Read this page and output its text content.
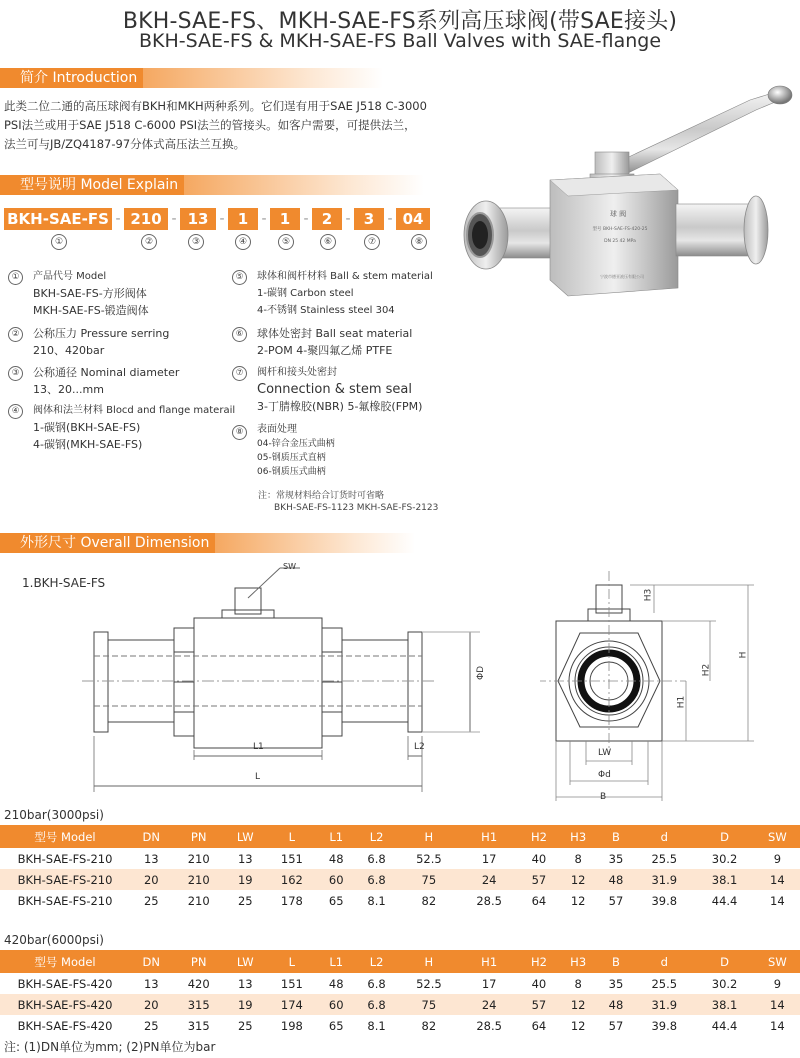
BKH-SAE-FS、MKH-SAE-FS系列高压球阀(带SAE接头)
BKH-SAE-FS & MKH-SAE-FS Ball Valves with SAE-flange
简介 Introduction

此类二位二通的高压球阀有BKH和MKH两种系列。它们逞有用于SAE J518 C-3000

PSI法兰或用于SAE J518 C-6000 PSI法兰的管接头。如客户需要，可提供法兰，

法兰可与JB/ZQ4187-97分体式高压法兰互换。

型号说明 Model Explain
BKH-SAE-FS - 210 - 13 - 1 - 1 - 2 - 3 - 04
①	②	③	④	⑤	⑥	⑦	⑧
①	产品代号 Model
BKH-SAE-FS-方形阀体
MKH-SAE-FS-锻造阀体
②	公称压力 Pressure serring
210、420bar
③	公称通径 Nominal diameter
13、20...mm
④	阀体和法兰材料 Blocd and flange materail
1-碳钢(BKH-SAE-FS)
4-碳钢(MKH-SAE-FS)
⑤	球体和阀杆材料 Ball & stem material
1-碳钢 Carbon steel
4-不锈钢 Stainless steel 304
⑥	球体处密封 Ball seat material
2-POM 4-聚四氟乙烯 PTFE
⑦	阀杆和接头处密封
Connection & stem seal
3-丁腈橡胶(NBR) 5-氟橡胶(FPM)
⑧	表面处理
04-锌合金压式曲柄
05-钢质压式直柄
06-钢质压式曲柄
注：常规材料给合订货时可省略
BKH-SAE-FS-1123 MKH-SAE-FS-2123
球 阀
型号 BKH-SAE-FS-420-25
DN 25 42 MPa
宁波市德亚液压有限公司
外形尺寸 Overall Dimension
1.BKH-SAE-FS
SW
ΦD
L1	L2
L
H3
H2
H
H1
LW
Φd
B
210bar(3000psi)
型号 Model	DN	PN	LW	L	L1	L2	H	H1	H2	H3	B	d	D	SW
BKH-SAE-FS-210	13	210	13	151	48	6.8	52.5	17	40	8	35	25.5	30.2	9
BKH-SAE-FS-210	20	210	19	162	60	6.8	75	24	57	12	48	31.9	38.1	14
BKH-SAE-FS-210	25	210	25	178	65	8.1	82	28.5	64	12	57	39.8	44.4	14
420bar(6000psi)
型号 Model	DN	PN	LW	L	L1	L2	H	H1	H2	H3	B	d	D	SW
BKH-SAE-FS-420	13	420	13	151	48	6.8	52.5	17	40	8	35	25.5	30.2	9
BKH-SAE-FS-420	20	315	19	174	60	6.8	75	24	57	12	48	31.9	38.1	14
BKH-SAE-FS-420	25	315	25	198	65	8.1	82	28.5	64	12	57	39.8	44.4	14
注: (1)DN单位为mm; (2)PN单位为bar
